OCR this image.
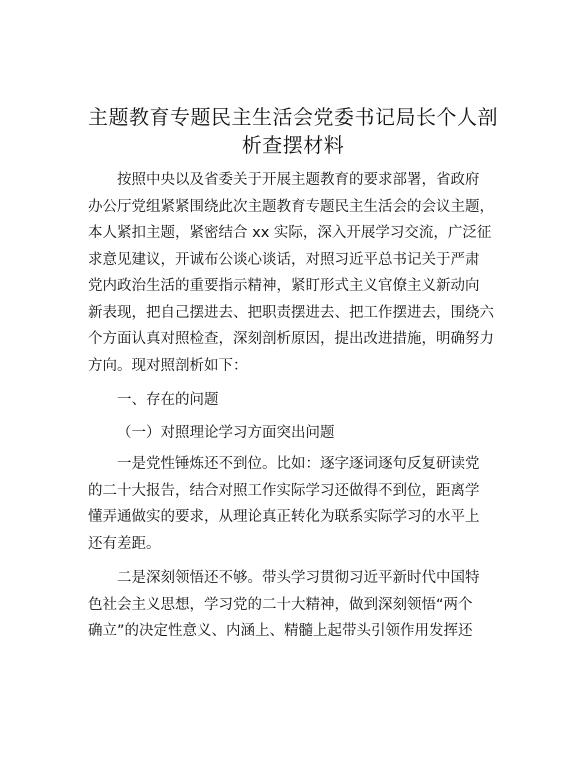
主题教育专题民主生活会党委书记局长个人剖
析查摆材料
按照中央以及省委关于开展主题教育的要求部署，省政府
办公厅党组紧紧围绕此次主题教育专题民主生活会的会议主题，
本人紧扣主题，紧密结合 xx 实际，深入开展学习交流，广泛征
求意见建议，开诚布公谈心谈话，对照习近平总书记关于严肃
党内政治生活的重要指示精神，紧盯形式主义官僚主义新动向
新表现，把自己摆进去、把职责摆进去、把工作摆进去，围绕六
个方面认真对照检查，深刻剖析原因，提出改进措施，明确努力
方向。现对照剖析如下：
一、存在的问题
（一）对照理论学习方面突出问题
一是党性锤炼还不到位。比如：逐字逐词逐句反复研读党
的二十大报告，结合对照工作实际学习还做得不到位，距离学
懂弄通做实的要求，从理论真正转化为联系实际学习的水平上
还有差距。
二是深刻领悟还不够。带头学习贯彻习近平新时代中国特
色社会主义思想，学习党的二十大精神，做到深刻领悟“两个
确立”的决定性意义、内涵上、精髓上起带头引领作用发挥还
